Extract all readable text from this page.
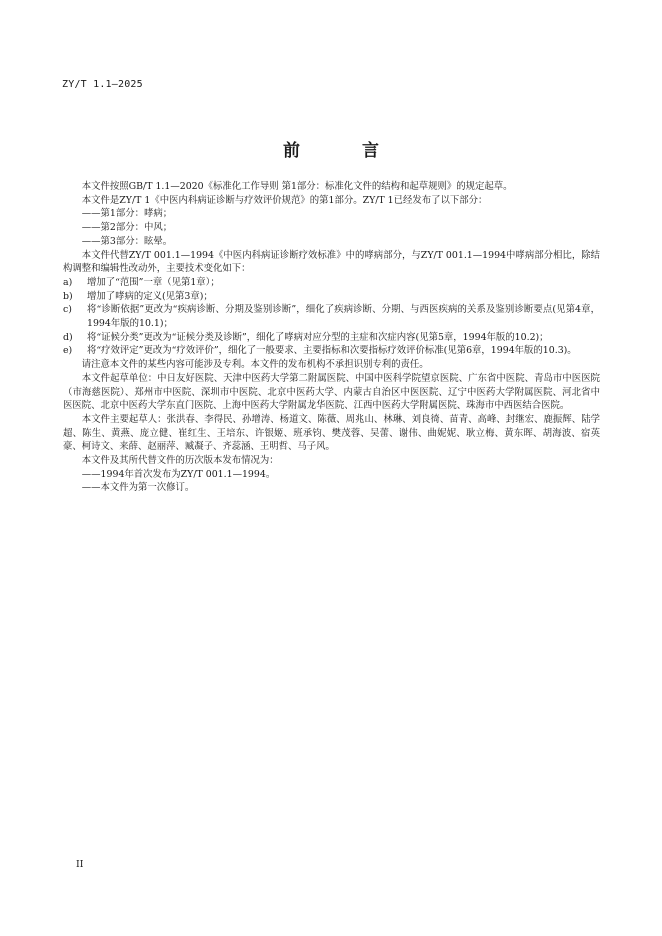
ZY/T 1.1—2025
前 言

本文件按照GB/T 1.1—2020《标准化工作导则 第1部分：标准化文件的结构和起草规则》的规定起草。

本文件是ZY/T 1《中医内科病证诊断与疗效评价规范》的第1部分。ZY/T 1已经发布了以下部分：

——第1部分：哮病；

——第2部分：中风；

——第3部分：眩晕。

本文件代替ZY/T 001.1—1994《中医内科病证诊断疗效标准》中的哮病部分，与ZY/T 001.1—1994中哮病部分相比，除结构调整和编辑性改动外，主要技术变化如下：

a)	增加了“范围”一章（见第1章）；
b)	增加了哮病的定义(见第3章)；
c)	将“诊断依据”更改为“疾病诊断、分期及鉴别诊断”，细化了疾病诊断、分期、与西医疾病的关系及鉴别诊断要点(见第4章，1994年版的10.1)；
d)	将“证候分类”更改为“证候分类及诊断”，细化了哮病对应分型的主症和次症内容(见第5章，1994年版的10.2)；
e)	将“疗效评定”更改为“疗效评价”，细化了一般要求、主要指标和次要指标疗效评价标准(见第6章，1994年版的10.3)。

请注意本文件的某些内容可能涉及专利。本文件的发布机构不承担识别专利的责任。

本文件起草单位：中日友好医院、天津中医药大学第二附属医院、中国中医科学院望京医院、广东省中医院、青岛市中医医院（市海慈医院）、郑州市中医院、深圳市中医院、北京中医药大学、内蒙古自治区中医医院、辽宁中医药大学附属医院、河北省中医医院、北京中医药大学东直门医院、上海中医药大学附属龙华医院、江西中医药大学附属医院、珠海市中西医结合医院。

本文件主要起草人：张洪春、李得民、孙增涛、杨道文、陈薇、周兆山、林琳、刘良徛、苗青、高峰、封继宏、鹿振辉、陆学超、陈生、黄燕、庞立健、崔红生、王培东、许银姬、班承钧、樊茂蓉、吴蕾、谢伟、曲妮妮、耿立梅、黄东晖、胡海波、宿英豪、柯诗文、来薛、赵丽萍、臧凝子、齐蕊涵、王明哲、马子风。

本文件及其所代替文件的历次版本发布情况为：

——1994年首次发布为ZY/T 001.1—1994。

——本文件为第一次修订。

II
